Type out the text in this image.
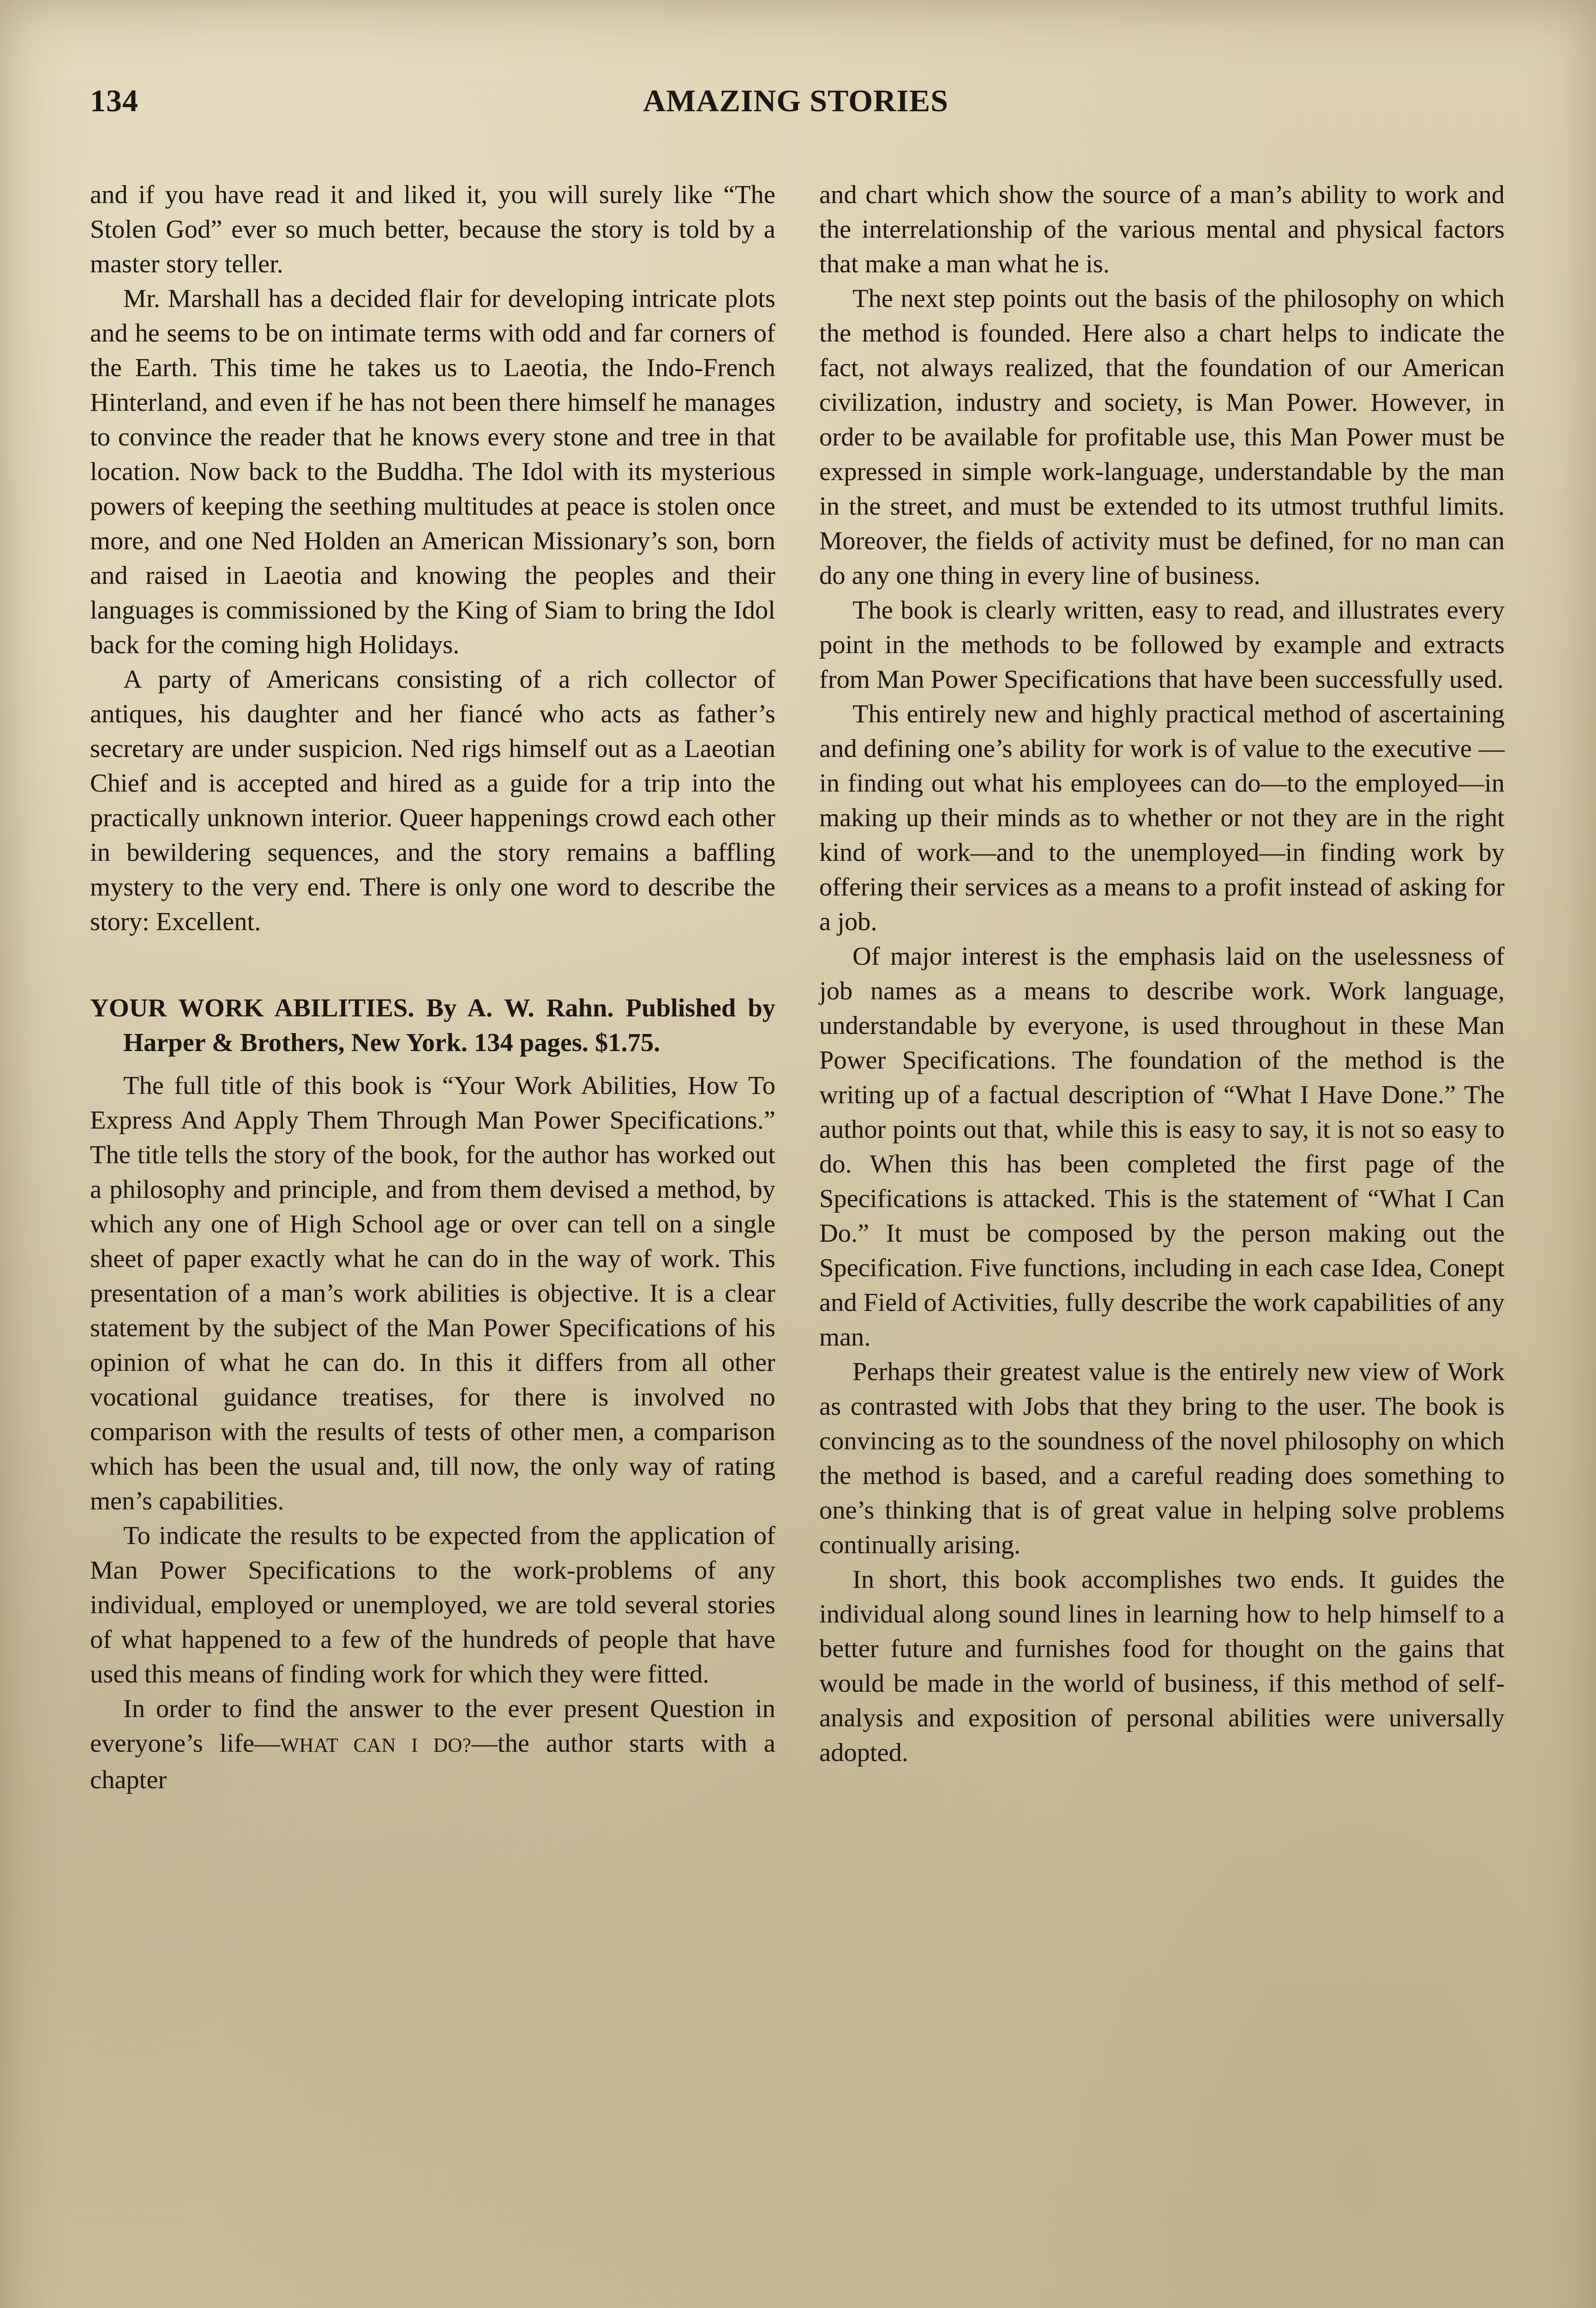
134	AMAZING STORIES

and if you have read it and liked it, you will surely like “The Stolen God” ever so much better, because the story is told by a master story teller.

Mr. Marshall has a decided flair for developing intricate plots and he seems to be on intimate terms with odd and far corners of the Earth. This time he takes us to Laeotia, the Indo-French Hinterland, and even if he has not been there himself he manages to convince the reader that he knows every stone and tree in that location. Now back to the Buddha. The Idol with its mysterious powers of keeping the seething multitudes at peace is stolen once more, and one Ned Holden an American Missionary’s son, born and raised in Laeotia and knowing the peoples and their languages is commissioned by the King of Siam to bring the Idol back for the coming high Holidays.

A party of Americans consisting of a rich collector of antiques, his daughter and her fiancé who acts as father’s secretary are under suspicion. Ned rigs himself out as a Laeotian Chief and is accepted and hired as a guide for a trip into the practically unknown interior. Queer happenings crowd each other in bewildering sequences, and the story remains a baffling mystery to the very end. There is only one word to describe the story: Excellent.

YOUR WORK ABILITIES. By A. W. Rahn. Published by Harper & Brothers, New York. 134 pages. $1.75.

The full title of this book is “Your Work Abilities, How To Express And Apply Them Through Man Power Specifications.” The title tells the story of the book, for the author has worked out a philosophy and principle, and from them devised a method, by which any one of High School age or over can tell on a single sheet of paper exactly what he can do in the way of work. This presentation of a man’s work abilities is objective. It is a clear statement by the subject of the Man Power Specifications of his opinion of what he can do. In this it differs from all other vocational guidance treatises, for there is involved no comparison with the results of tests of other men, a comparison which has been the usual and, till now, the only way of rating men’s capabilities.

To indicate the results to be expected from the application of Man Power Specifications to the work-problems of any individual, employed or unemployed, we are told several stories of what happened to a few of the hundreds of people that have used this means of finding work for which they were fitted.

In order to find the answer to the ever present Question in everyone’s life—WHAT CAN I DO?—the author starts with a chapter

and chart which show the source of a man’s ability to work and the interrelationship of the various mental and physical factors that make a man what he is.

The next step points out the basis of the philosophy on which the method is founded. Here also a chart helps to indicate the fact, not always realized, that the foundation of our American civilization, industry and society, is Man Power. However, in order to be available for profitable use, this Man Power must be expressed in simple work-language, understandable by the man in the street, and must be extended to its utmost truthful limits. Moreover, the fields of activity must be defined, for no man can do any one thing in every line of business.

The book is clearly written, easy to read, and illustrates every point in the methods to be followed by example and extracts from Man Power Specifications that have been successfully used.

This entirely new and highly practical method of ascertaining and defining one’s ability for work is of value to the executive —in finding out what his employees can do—to the employed—in making up their minds as to whether or not they are in the right kind of work—and to the unemployed—in finding work by offering their services as a means to a profit instead of asking for a job.

Of major interest is the emphasis laid on the uselessness of job names as a means to describe work. Work language, understandable by everyone, is used throughout in these Man Power Specifications. The foundation of the method is the writing up of a factual description of “What I Have Done.” The author points out that, while this is easy to say, it is not so easy to do. When this has been completed the first page of the Specifications is attacked. This is the statement of “What I Can Do.” It must be composed by the person making out the Specification. Five functions, including in each case Idea, Conept and Field of Activities, fully describe the work capabilities of any man.

Perhaps their greatest value is the entirely new view of Work as contrasted with Jobs that they bring to the user. The book is convincing as to the soundness of the novel philosophy on which the method is based, and a careful reading does something to one’s thinking that is of great value in helping solve problems continually arising.

In short, this book accomplishes two ends. It guides the individual along sound lines in learning how to help himself to a better future and furnishes food for thought on the gains that would be made in the world of business, if this method of self-analysis and exposition of personal abilities were universally adopted.
